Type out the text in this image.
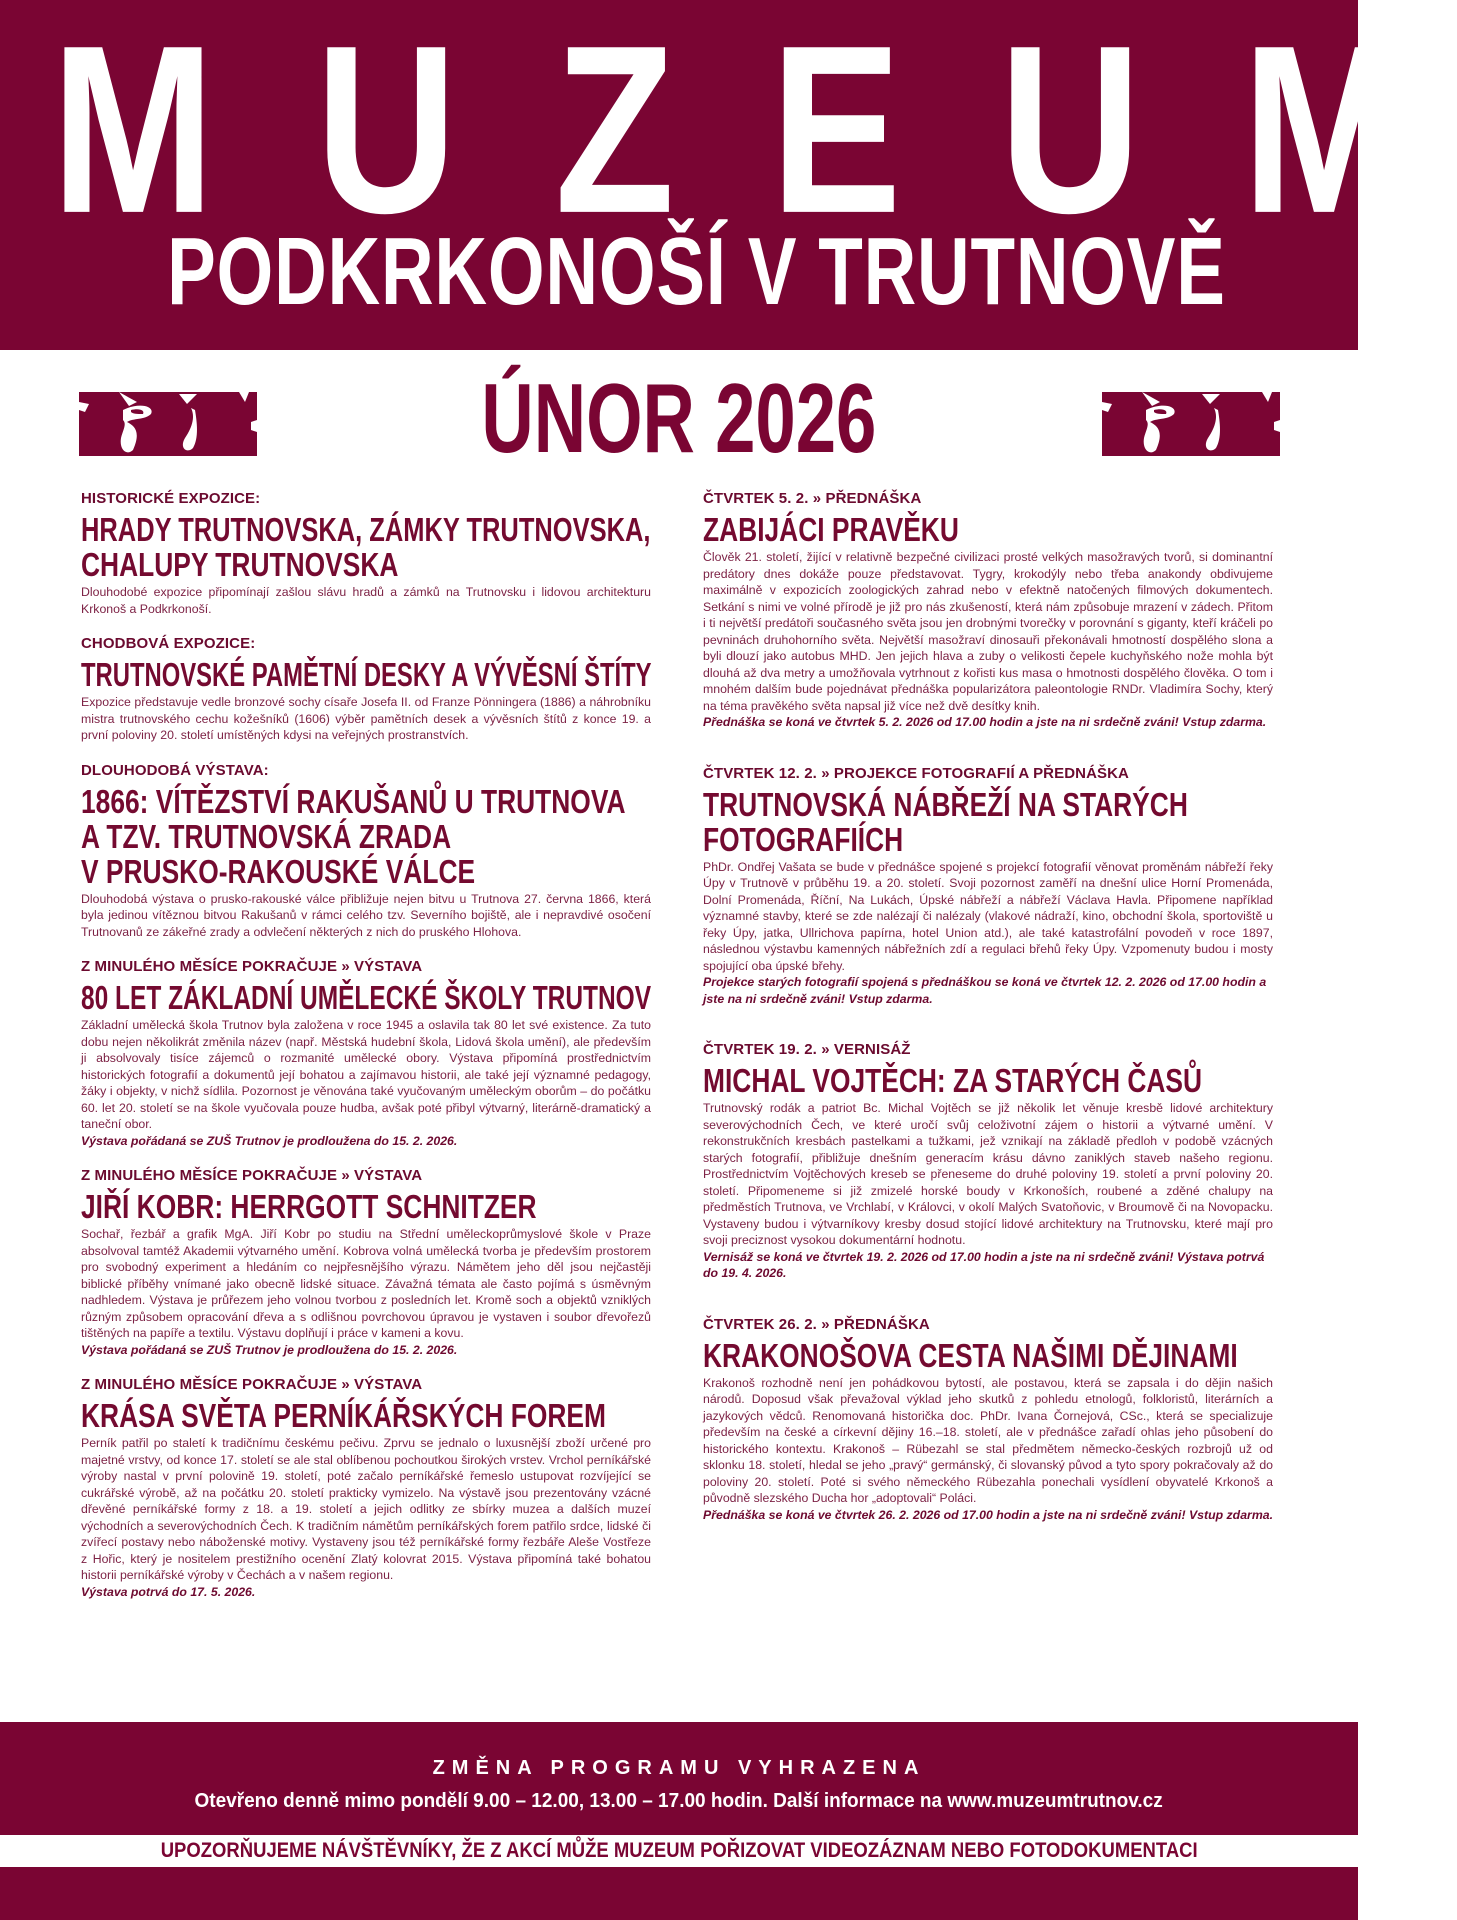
M U Z E U M
PODKRKONOŠÍ V TRUTNOVĚ
ÚNOR 2026
HISTORICKÉ EXPOZICE:
HRADY TRUTNOVSKA, ZÁMKY TRUTNOVSKA,
CHALUPY TRUTNOVSKA
Dlouhodobé expozice připomínají zašlou slávu hradů a zámků na Trutnovsku i lidovou architekturu Krkonoš a Podkrkonoší.
CHODBOVÁ EXPOZICE:
TRUTNOVSKÉ PAMĚTNÍ DESKY A VÝVĚSNÍ ŠTÍTY
Expozice představuje vedle bronzové sochy císaře Josefa II. od Franze Pönningera (1886) a náhrobníku mistra trutnovského cechu kožešníků (1606) výběr pamětních desek a vývěsních štítů z konce 19. a první poloviny 20. století umístěných kdysi na veřejných prostranstvích.
DLOUHODOBÁ VÝSTAVA:
1866: VÍTĚZSTVÍ RAKUŠANŮ U TRUTNOVA
A TZV. TRUTNOVSKÁ ZRADA
V PRUSKO-RAKOUSKÉ VÁLCE
Dlouhodobá výstava o prusko-rakouské válce přibližuje nejen bitvu u Trutnova 27. června 1866, která byla jedinou vítěznou bitvou Rakušanů v rámci celého tzv. Severního bojiště, ale i nepravdivé osočení Trutnovanů ze zákeřné zrady a odvlečení některých z nich do pruského Hlohova.
Z MINULÉHO MĚSÍCE POKRAČUJE » VÝSTAVA
80 LET ZÁKLADNÍ UMĚLECKÉ ŠKOLY TRUTNOV
Základní umělecká škola Trutnov byla založena v roce 1945 a oslavila tak 80 let své existence. Za tuto dobu nejen několikrát změnila název (např. Městská hudební škola, Lidová škola umění), ale především ji absolvovaly tisíce zájemců o rozmanité umělecké obory. Výstava připomíná prostřednictvím historických fotografií a dokumentů její bohatou a zajímavou historii, ale také její významné pedagogy, žáky i objekty, v nichž sídlila. Pozornost je věnována také vyučovaným uměleckým oborům – do počátku 60. let 20. století se na škole vyučovala pouze hudba, avšak poté přibyl výtvarný, literárně-dramatický a taneční obor.
Výstava pořádaná se ZUŠ Trutnov je prodloužena do 15. 2. 2026.
Z MINULÉHO MĚSÍCE POKRAČUJE » VÝSTAVA
JIŘÍ KOBR: HERRGOTT SCHNITZER
Sochař, řezbář a grafik MgA. Jiří Kobr po studiu na Střední uměleckoprůmyslové škole v Praze absolvoval tamtéž Akademii výtvarného umění. Kobrova volná umělecká tvorba je především prostorem pro svobodný experiment a hledáním co nejpřesnějšího výrazu. Námětem jeho děl jsou nejčastěji biblické příběhy vnímané jako obecně lidské situace. Závažná témata ale často pojímá s úsměvným nadhledem. Výstava je průřezem jeho volnou tvorbou z posledních let. Kromě soch a objektů vzniklých různým způsobem opracování dřeva a s odlišnou povrchovou úpravou je vystaven i soubor dřevořezů tištěných na papíře a textilu. Výstavu doplňují i práce v kameni a kovu.
Výstava pořádaná se ZUŠ Trutnov je prodloužena do 15. 2. 2026.
Z MINULÉHO MĚSÍCE POKRAČUJE » VÝSTAVA
KRÁSA SVĚTA PERNÍKÁŘSKÝCH FOREM
Perník patřil po staletí k tradičnímu českému pečivu. Zprvu se jednalo o luxusnější zboží určené pro majetné vrstvy, od konce 17. století se ale stal oblíbenou pochoutkou širokých vrstev. Vrchol perníkářské výroby nastal v první polovině 19. století, poté začalo perníkářské řemeslo ustupovat rozvíjející se cukrářské výrobě, až na počátku 20. století prakticky vymizelo. Na výstavě jsou prezentovány vzácné dřevěné perníkářské formy z 18. a 19. století a jejich odlitky ze sbírky muzea a dalších muzeí východních a severovýchodních Čech. K tradičním námětům perníkářských forem patřilo srdce, lidské či zvířecí postavy nebo náboženské motivy. Vystaveny jsou též perníkářské formy řezbáře Aleše Vostřeze z Hořic, který je nositelem prestižního ocenění Zlatý kolovrat 2015. Výstava připomíná také bohatou historii perníkářské výroby v Čechách a v našem regionu.
Výstava potrvá do 17. 5. 2026.
ČTVRTEK 5. 2. » PŘEDNÁŠKA
ZABIJÁCI PRAVĚKU
Člověk 21. století, žijící v relativně bezpečné civilizaci prosté velkých masožravých tvorů, si dominantní predátory dnes dokáže pouze představovat. Tygry, krokodýly nebo třeba anakondy obdivujeme maximálně v expozicích zoologických zahrad nebo v efektně natočených filmových dokumentech. Setkání s nimi ve volné přírodě je již pro nás zkušeností, která nám způsobuje mrazení v zádech. Přitom i ti největší predátoři současného světa jsou jen drobnými tvorečky v porovnání s giganty, kteří kráčeli po pevninách druhohorního světa. Největší masožraví dinosauři překonávali hmotností dospělého slona a byli dlouzí jako autobus MHD. Jen jejich hlava a zuby o velikosti čepele kuchyňského nože mohla být dlouhá až dva metry a umožňovala vytrhnout z kořisti kus masa o hmotnosti dospělého člověka. O tom i mnohém dalším bude pojednávat přednáška popularizátora paleontologie RNDr. Vladimíra Sochy, který na téma pravěkého světa napsal již více než dvě desítky knih.
Přednáška se koná ve čtvrtek 5. 2. 2026 od 17.00 hodin a jste na ni srdečně zváni! Vstup zdarma.
ČTVRTEK 12. 2. » PROJEKCE FOTOGRAFIÍ A PŘEDNÁŠKA
TRUTNOVSKÁ NÁBŘEŽÍ NA STARÝCH
FOTOGRAFIÍCH
PhDr. Ondřej Vašata se bude v přednášce spojené s projekcí fotografií věnovat proměnám nábřeží řeky Úpy v Trutnově v průběhu 19. a 20. století. Svoji pozornost zaměří na dnešní ulice Horní Promenáda, Dolní Promenáda, Říční, Na Lukách, Úpské nábřeží a nábřeží Václava Havla. Připomene například významné stavby, které se zde nalézají či nalézaly (vlakové nádraží, kino, obchodní škola, sportoviště u řeky Úpy, jatka, Ullrichova papírna, hotel Union atd.), ale také katastrofální povodeň v roce 1897, následnou výstavbu kamenných nábřežních zdí a regulaci břehů řeky Úpy. Vzpomenuty budou i mosty spojující oba úpské břehy.
Projekce starých fotografií spojená s přednáškou se koná ve čtvrtek 12. 2. 2026 od 17.00 hodin a jste na ni srdečně zváni! Vstup zdarma.
ČTVRTEK 19. 2. » VERNISÁŽ
MICHAL VOJTĚCH: ZA STARÝCH ČASŮ
Trutnovský rodák a patriot Bc. Michal Vojtěch se již několik let věnuje kresbě lidové architektury severovýchodních Čech, ve které uročí svůj celoživotní zájem o historii a výtvarné umění. V rekonstrukčních kresbách pastelkami a tužkami, jež vznikají na základě předloh v podobě vzácných starých fotografií, přibližuje dnešním generacím krásu dávno zaniklých staveb našeho regionu. Prostřednictvím Vojtěchových kreseb se přeneseme do druhé poloviny 19. století a první poloviny 20. století. Připomeneme si již zmizelé horské boudy v Krkonoších, roubené a zděné chalupy na předměstích Trutnova, ve Vrchlabí, v Královci, v okolí Malých Svatoňovic, v Broumově či na Novopacku. Vystaveny budou i výtvarníkovy kresby dosud stojící lidové architektury na Trutnovsku, které mají pro svoji preciznost vysokou dokumentární hodnotu.
Vernisáž se koná ve čtvrtek 19. 2. 2026 od 17.00 hodin a jste na ni srdečně zváni! Výstava potrvá do 19. 4. 2026.
ČTVRTEK 26. 2. » PŘEDNÁŠKA
KRAKONOŠOVA CESTA NAŠIMI DĚJINAMI
Krakonoš rozhodně není jen pohádkovou bytostí, ale postavou, která se zapsala i do dějin našich národů. Doposud však převažoval výklad jeho skutků z pohledu etnologů, folkloristů, literárních a jazykových vědců. Renomovaná historička doc. PhDr. Ivana Čornejová, CSc., která se specializuje především na české a církevní dějiny 16.–18. století, ale v přednášce zařadí ohlas jeho působení do historického kontextu. Krakonoš – Rübezahl se stal předmětem německo-českých rozbrojů už od sklonku 18. století, hledal se jeho „pravý“ germánský, či slovanský původ a tyto spory pokračovaly až do poloviny 20. století. Poté si svého německého Rübezahla ponechali vysídlení obyvatelé Krkonoš a původně slezského Ducha hor „adoptovali“ Poláci.
Přednáška se koná ve čtvrtek 26. 2. 2026 od 17.00 hodin a jste na ni srdečně zváni! Vstup zdarma.
ZMĚNA PROGRAMU VYHRAZENA
Otevřeno denně mimo pondělí 9.00 – 12.00, 13.00 – 17.00 hodin. Další informace na www.muzeumtrutnov.cz
UPOZORŇUJEME NÁVŠTĚVNÍKY, ŽE Z AKCÍ MŮŽE MUZEUM POŘIZOVAT VIDEOZÁZNAM NEBO FOTODOKUMENTACI
